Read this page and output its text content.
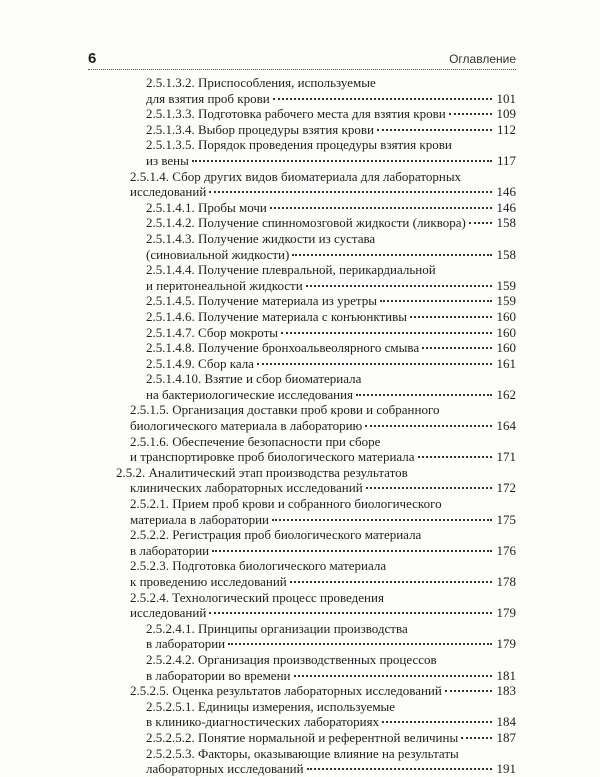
6	Оглавление
2.5.1.3.2. Приспособления, используемые
для взятия проб крови	101
2.5.1.3.3. Подготовка рабочего места для взятия крови	109
2.5.1.3.4. Выбор процедуры взятия крови	112
2.5.1.3.5. Порядок проведения процедуры взятия крови
из вены	117
2.5.1.4. Сбор других видов биоматериала для лабораторных
исследований	146
2.5.1.4.1. Пробы мочи	146
2.5.1.4.2. Получение спинномозговой жидкости (ликвора) 158
2.5.1.4.3. Получение жидкости из сустава
(синовиальной жидкости)	158
2.5.1.4.4. Получение плевральной, перикардиальной
и перитонеальной жидкости	159
2.5.1.4.5. Получение материала из уретры	159
2.5.1.4.6. Получение материала с конъюнктивы	160
2.5.1.4.7. Сбор мокроты	160
2.5.1.4.8. Получение бронхоальвеолярного смыва	160
2.5.1.4.9. Сбор кала	161
2.5.1.4.10. Взятие и сбор биоматериала
на бактериологические исследования	162
2.5.1.5. Организация доставки проб крови и собранного
биологического материала в лабораторию	164
2.5.1.6. Обеспечение безопасности при сборе
и транспортировке проб биологического материала	171
2.5.2. Аналитический этап производства результатов
клинических лабораторных исследований	172
2.5.2.1. Прием проб крови и собранного биологического
материала в лаборатории	175
2.5.2.2. Регистрация проб биологического материала
в лаборатории	176
2.5.2.3. Подготовка биологического материала
к проведению исследований	178
2.5.2.4. Технологический процесс проведения
исследований	179
2.5.2.4.1. Принципы организации производства
в лаборатории	179
2.5.2.4.2. Организация производственных процессов
в лаборатории во времени	181
2.5.2.5. Оценка результатов лабораторных исследований	183
2.5.2.5.1. Единицы измерения, используемые
в клинико-диагностических лабораториях	184
2.5.2.5.2. Понятие нормальной и референтной величины	187
2.5.2.5.3. Факторы, оказывающие влияние на результаты
лабораторных исследований	191
